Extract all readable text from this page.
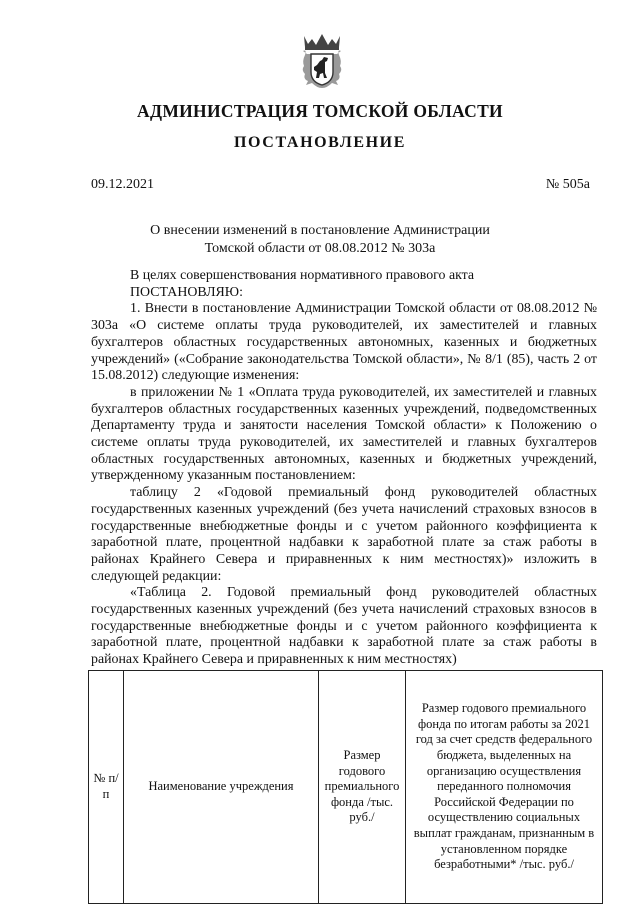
АДМИНИСТРАЦИЯ ТОМСКОЙ ОБЛАСТИ
ПОСТАНОВЛЕНИЕ
09.12.2021	№ 505а
О внесении изменений в постановление Администрации
Томской области от 08.08.2012 № 303а

В целях совершенствования нормативного правового акта

ПОСТАНОВЛЯЮ:

1. Внести в постановление Администрации Томской области от 08.08.2012 № 303а «О системе оплаты труда руководителей, их заместителей и главных бухгалтеров областных государственных автономных, казенных и бюджетных учреждений» («Собрание законодательства Томской области», № 8/1 (85), часть 2 от 15.08.2012) следующие изменения:

в приложении № 1 «Оплата труда руководителей, их заместителей и главных бухгалтеров областных государственных казенных учреждений, подведомственных Департаменту труда и занятости населения Томской области» к Положению о системе оплаты труда руководителей, их заместителей и главных бухгалтеров областных государственных автономных, казенных и бюджетных учреждений, утвержденному указанным постановлением:

таблицу 2 «Годовой премиальный фонд руководителей областных государственных казенных учреждений (без учета начислений страховых взносов в государственные внебюджетные фонды и с учетом районного коэффициента к заработной плате, процентной надбавки к заработной плате за стаж работы в районах Крайнего Севера и приравненных к ним местностях)» изложить в следующей редакции:

«Таблица 2. Годовой премиальный фонд руководителей областных государственных казенных учреждений (без учета начислений страховых взносов в государственные внебюджетные фонды и с учетом районного коэффициента к заработной плате, процентной надбавки к заработной плате за стаж работы в районах Крайнего Севера и приравненных к ним местностях)

№ п/п	Наименование учреждения	Размер годового премиального фонда /тыс. руб./	Размер годового премиального фонда по итогам работы за 2021 год за счет средств федерального бюджета, выделенных на организацию осуществления переданного полномочия Российской Федерации по осуществлению социальных выплат гражданам, признанным в установленном порядке безработными* /тыс. руб./
